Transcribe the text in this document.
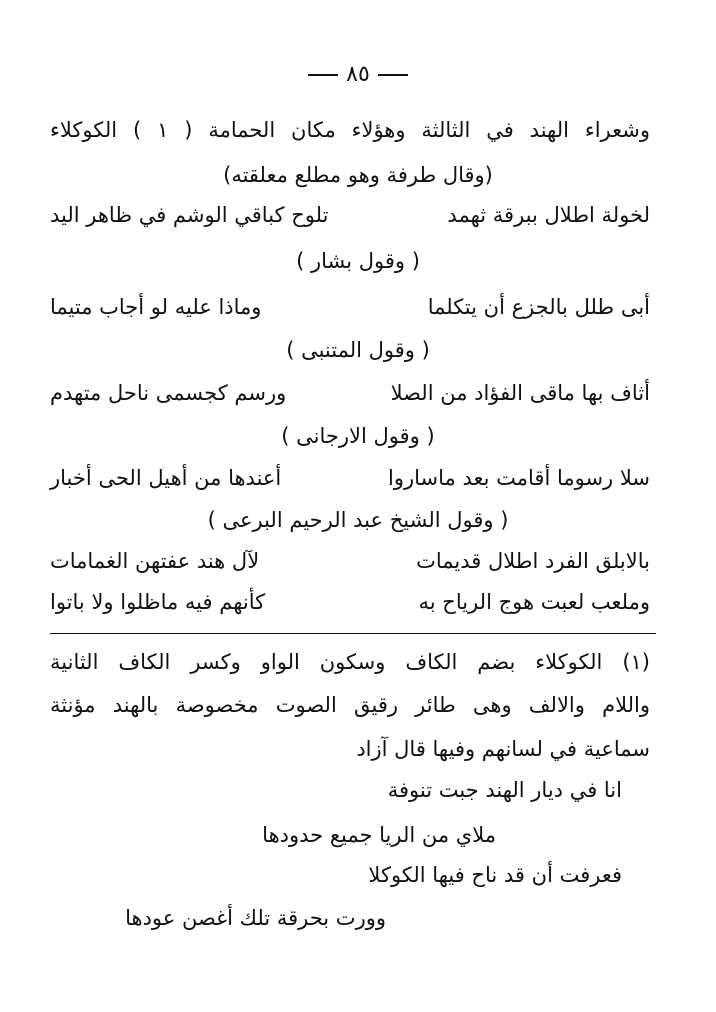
٨٥
وشعراء الهند في الثالثة وهؤلاء مكان الحمامة ( ١ ) الكوكلاء
(وقال طرفة وهو مطلع معلقته)
لخولة اطلال ببرقة ثهمد
تلوح كباقي الوشم في ظاهر اليد
( وقول بشار )
أبى طلل بالجزع أن يتكلما
وماذا عليه لو أجاب متيما
( وقول المتنبى )
أثاف بها ماقى الفؤاد من الصلا
ورسم كجسمى ناحل متهدم
( وقول الارجانى )
سلا رسوما أقامت بعد ماساروا
أعندها من أهيل الحى أخبار
( وقول الشيخ عبد الرحيم البرعى )
بالابلق الفرد اطلال قديمات
لآل هند عفتهن الغمامات
وملعب لعبت هوج الرياح به
كأنهم فيه ماظلوا ولا باتوا
(١) الكوكلاء بضم الكاف وسكون الواو وكسر الكاف الثانية
واللام والالف وهى طائر رقيق الصوت مخصوصة بالهند مؤنثة
سماعية في لسانهم وفيها قال آزاد
انا في ديار الهند جبت تنوفة
ملاي من الريا جميع حدودها
فعرفت أن قد ناح فيها الكوكلا
وورت بحرقة تلك أغصن عودها
